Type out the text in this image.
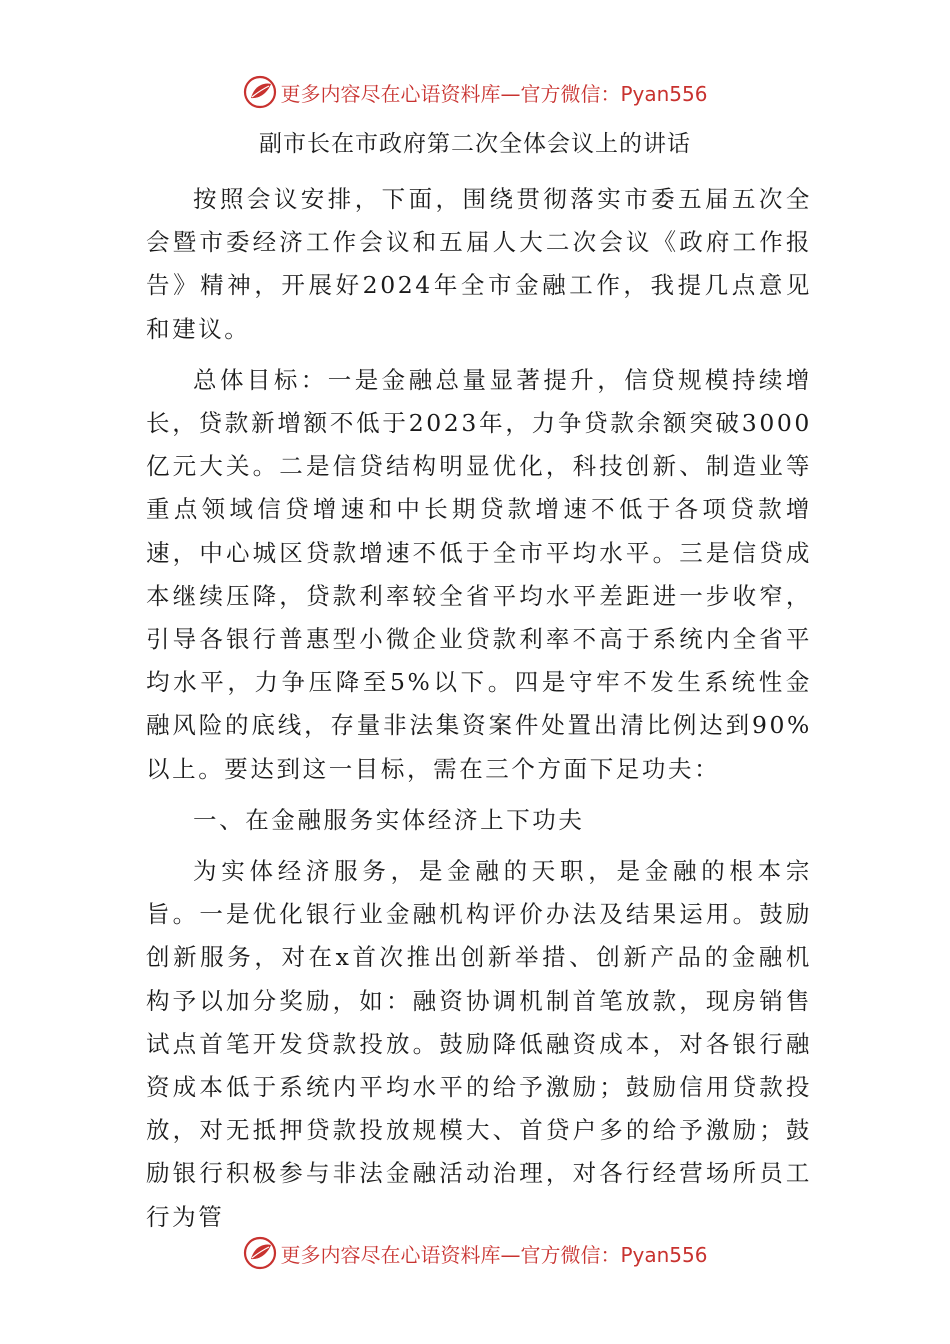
更多内容尽在心语资料库—官方微信：Pyan556
副市长在市政府第二次全体会议上的讲话

按照会议安排，下面，围绕贯彻落实市委五届五次全会暨市委经济工作会议和五届人大二次会议《政府工作报告》精神，开展好2024年全市金融工作，我提几点意见和建议。

总体目标：一是金融总量显著提升，信贷规模持续增长，贷款新增额不低于2023年，力争贷款余额突破3000亿元大关。二是信贷结构明显优化，科技创新、制造业等重点领域信贷增速和中长期贷款增速不低于各项贷款增速，中心城区贷款增速不低于全市平均水平。三是信贷成本继续压降，贷款利率较全省平均水平差距进一步收窄，引导各银行普惠型小微企业贷款利率不高于系统内全省平均水平，力争压降至5%以下。四是守牢不发生系统性金融风险的底线，存量非法集资案件处置出清比例达到90%以上。要达到这一目标，需在三个方面下足功夫：

一、在金融服务实体经济上下功夫

为实体经济服务，是金融的天职，是金融的根本宗旨。一是优化银行业金融机构评价办法及结果运用。鼓励创新服务，对在x首次推出创新举措、创新产品的金融机构予以加分奖励，如：融资协调机制首笔放款，现房销售试点首笔开发贷款投放。鼓励降低融资成本，对各银行融资成本低于系统内平均水平的给予激励；鼓励信用贷款投放，对无抵押贷款投放规模大、首贷户多的给予激励；鼓励银行积极参与非法金融活动治理，对各行经营场所员工行为管

更多内容尽在心语资料库—官方微信：Pyan556
